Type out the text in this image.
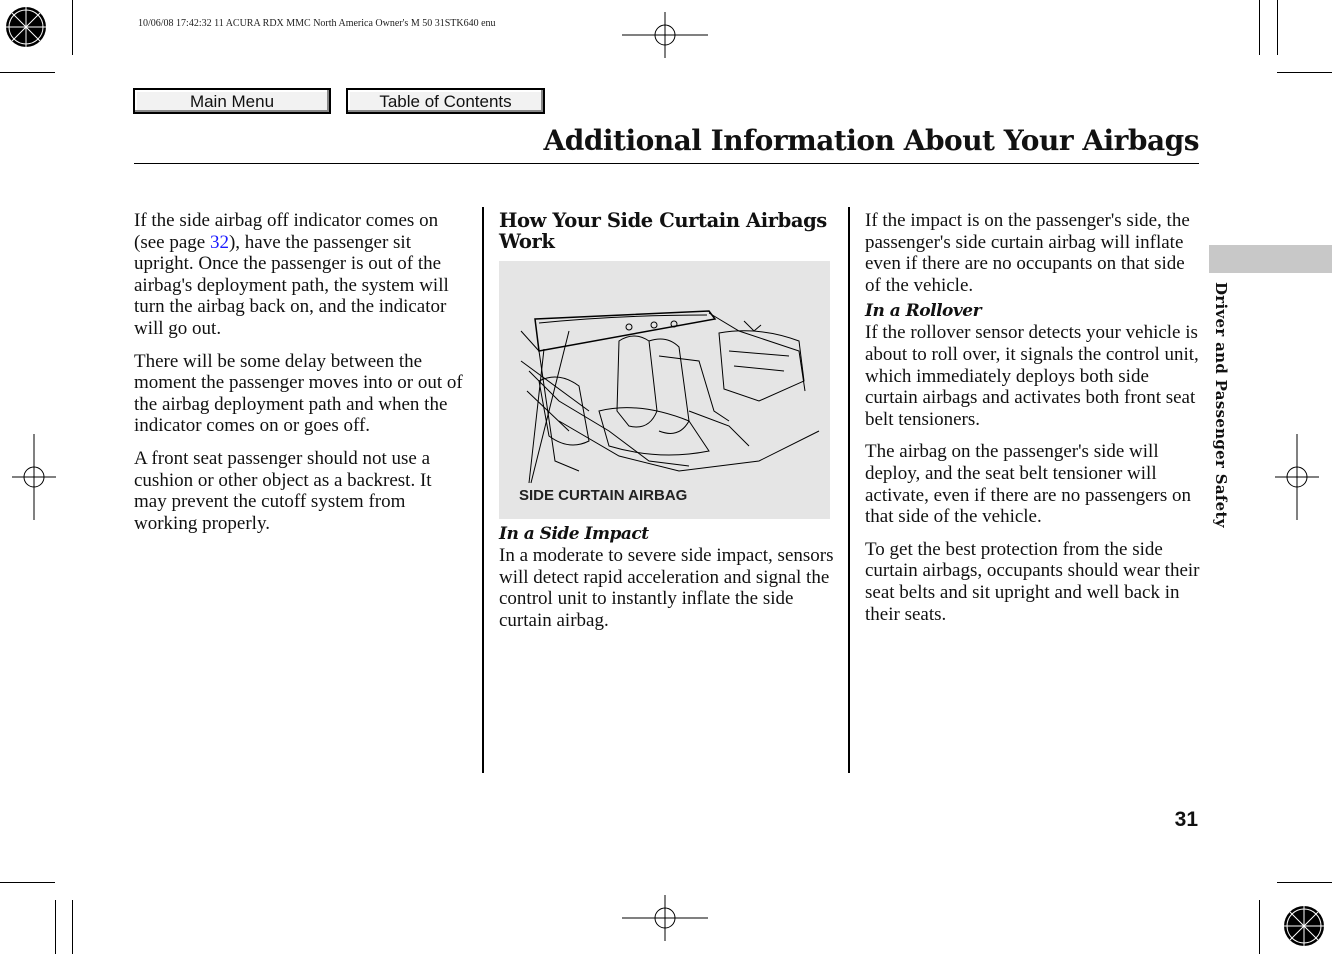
10/06/08 17:42:32 11 ACURA RDX MMC North America Owner's M 50 31STK640 enu
Main Menu	Table of Contents
Additional Information About Your Airbags

If the side airbag off indicator comes on (see page 32), have the passenger sit upright. Once the passenger is out of the airbag's deployment path, the system will turn the airbag back on, and the indicator will go out.

There will be some delay between the moment the passenger moves into or out of the airbag deployment path and when the indicator comes on or goes off.

A front seat passenger should not use a cushion or other object as a backrest. It may prevent the cutoff system from working properly.

How Your Side Curtain Airbags Work
SIDE CURTAIN AIRBAG
In a Side Impact

In a moderate to severe side impact, sensors will detect rapid acceleration and signal the control unit to instantly inflate the side curtain airbag.

If the impact is on the passenger's side, the passenger's side curtain airbag will inflate even if there are no occupants on that side of the vehicle.

In a Rollover

If the rollover sensor detects your vehicle is about to roll over, it signals the control unit, which immediately deploys both side curtain airbags and activates both front seat belt tensioners.

The airbag on the passenger's side will deploy, and the seat belt tensioner will activate, even if there are no passengers on that side of the vehicle.

To get the best protection from the side curtain airbags, occupants should wear their seat belts and sit upright and well back in their seats.

Driver and Passenger Safety
31
